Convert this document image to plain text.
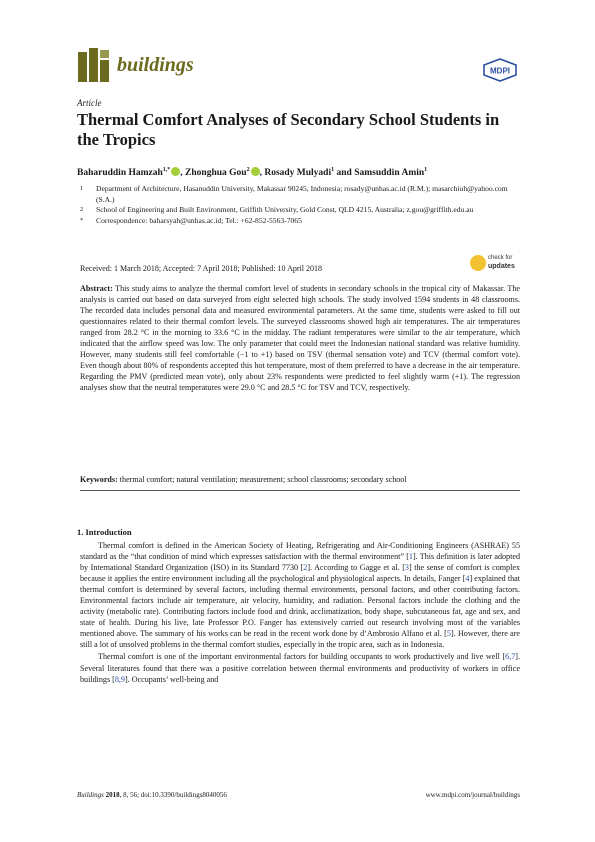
buildings	MDPI
Article
Thermal Comfort Analyses of Secondary School Students in the Tropics
Baharuddin Hamzah$^{1,*}$ , Zhonghua Gou$^2$ , Rosady Mulyadi$^1$ and Samsuddin Amin$^1$
1 Department of Architecture, Hasanuddin University, Makassar 90245, Indonesia; rosady@unhas.ac.id (R.M.); masarchiuh@yahoo.com (S.A.)
2 School of Engineering and Built Environment, Griffith University, Gold Const, QLD 4215, Australia; z.gou@griffith.edu.au
* Correspondence: baharsyah@unhas.ac.id; Tel.: +62-852-5563-7065
Received: 1 March 2018; Accepted: 7 April 2018; Published: 10 April 2018
check for
updates
Abstract: This study aims to analyze the thermal comfort level of students in secondary schools in the tropical city of Makassar. The analysis is carried out based on data surveyed from eight selected high schools. The study involved 1594 students in 48 classrooms. The recorded data includes personal data and measured environmental parameters. At the same time, students were asked to fill out questionnaires related to their thermal comfort levels. The surveyed classrooms showed high air temperatures. The air temperatures ranged from 28.2 °C in the morning to 33.6 °C in the midday. The radiant temperatures were similar to the air temperature, which indicated that the airflow speed was low. The only parameter that could meet the Indonesian national standard was relative humidity. However, many students still feel comfortable (−1 to +1) based on TSV (thermal sensation vote) and TCV (thermal comfort vote). Even though about 80% of respondents accepted this hot temperature, most of them preferred to have a decrease in the air temperature. Regarding the PMV (predicted mean vote), only about 23% respondents were predicted to feel slightly warm (+1). The regression analyses show that the neutral temperatures were 29.0 °C and 28.5 °C for TSV and TCV, respectively.
Keywords: thermal comfort; natural ventilation; measurement; school classrooms; secondary school
1. Introduction

Thermal comfort is defined in the American Society of Heating, Refrigerating and Air-Conditioning Engineers (ASHRAE) 55 standard as the “that condition of mind which expresses satisfaction with the thermal environment” [1]. This definition is later adopted by International Standard Organization (ISO) in its Standard 7730 [2]. According to Gagge et al. [3] the sense of comfort is complex because it applies the entire environment including all the psychological and physiological aspects. In details, Fanger [4] explained that thermal comfort is determined by several factors, including thermal environments, personal factors, and other contributing factors. Environmental factors include air temperature, air velocity, humidity, and radiation. Personal factors include the clothing and the activity (metabolic rate). Contributing factors include food and drink, acclimatization, body shape, subcutaneous fat, age and sex, and state of health. During his live, late Professor P.O. Fanger has extensively carried out research involving most of the variables mentioned above. The summary of his works can be read in the recent work done by d’Ambrosio Alfano et al. [5]. However, there are still a lot of unsolved problems in the thermal comfort studies, especially in the tropic area, such as in Indonesia.

Thermal comfort is one of the important environmental factors for building occupants to work productively and live well [6,7]. Several literatures found that there was a positive correlation between thermal environments and productivity of workers in office buildings [8,9]. Occupants’ well-being and

Buildings 2018, 8, 56; doi:10.3390/buildings8040056	www.mdpi.com/journal/buildings
